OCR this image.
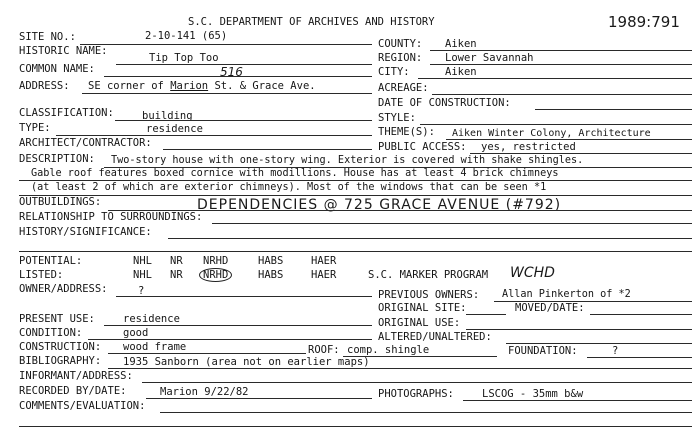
S.C. DEPARTMENT OF ARCHIVES AND HISTORY	1989:791
SITE NO.:	2-10-141 (65)
COUNTY: Aiken
HISTORIC NAME:
Tip Top Too	REGION: Lower Savannah
COMMON NAME:	516	CITY:	Aiken
ADDRESS: SE corner of Marion St. & Grace Ave.	ACREAGE:
DATE OF CONSTRUCTION:
CLASSIFICATION:	building	STYLE:
TYPE:	residence	THEME(S): Aiken Winter Colony, Architecture
ARCHITECT/CONTRACTOR:	PUBLIC ACCESS: yes, restricted
DESCRIPTION: Two-story house with one-story wing. Exterior is covered with shake shingles.
Gable roof features boxed cornice with modillions. House has at least 4 brick chimneys
(at least 2 of which are exterior chimneys). Most of the windows that can be seen *1
OUTBUILDINGS:	DEPENDENCIES @ 725 GRACE AVENUE (#792)
RELATIONSHIP TO SURROUNDINGS:
HISTORY/SIGNIFICANCE:
POTENTIAL:	NHL NR NRHD	HABS	HAER
LISTED:	NHL NR NRHD	HABS	HAER	S.C. MARKER PROGRAM WCHD
OWNER/ADDRESS:	?	PREVIOUS OWNERS: Allan Pinkerton of *2
ORIGINAL SITE:	MOVED/DATE:
PRESENT USE:	residence	ORIGINAL USE:
CONDITION:	good	ALTERED/UNALTERED:
CONSTRUCTION: wood frame	ROOF: comp. shingle	FOUNDATION:	?
BIBLIOGRAPHY: 1935 Sanborn (area not on earlier maps)
INFORMANT/ADDRESS:
RECORDED BY/DATE:	Marion 9/22/82	PHOTOGRAPHS:	LSCOG - 35mm b&w
COMMENTS/EVALUATION:
